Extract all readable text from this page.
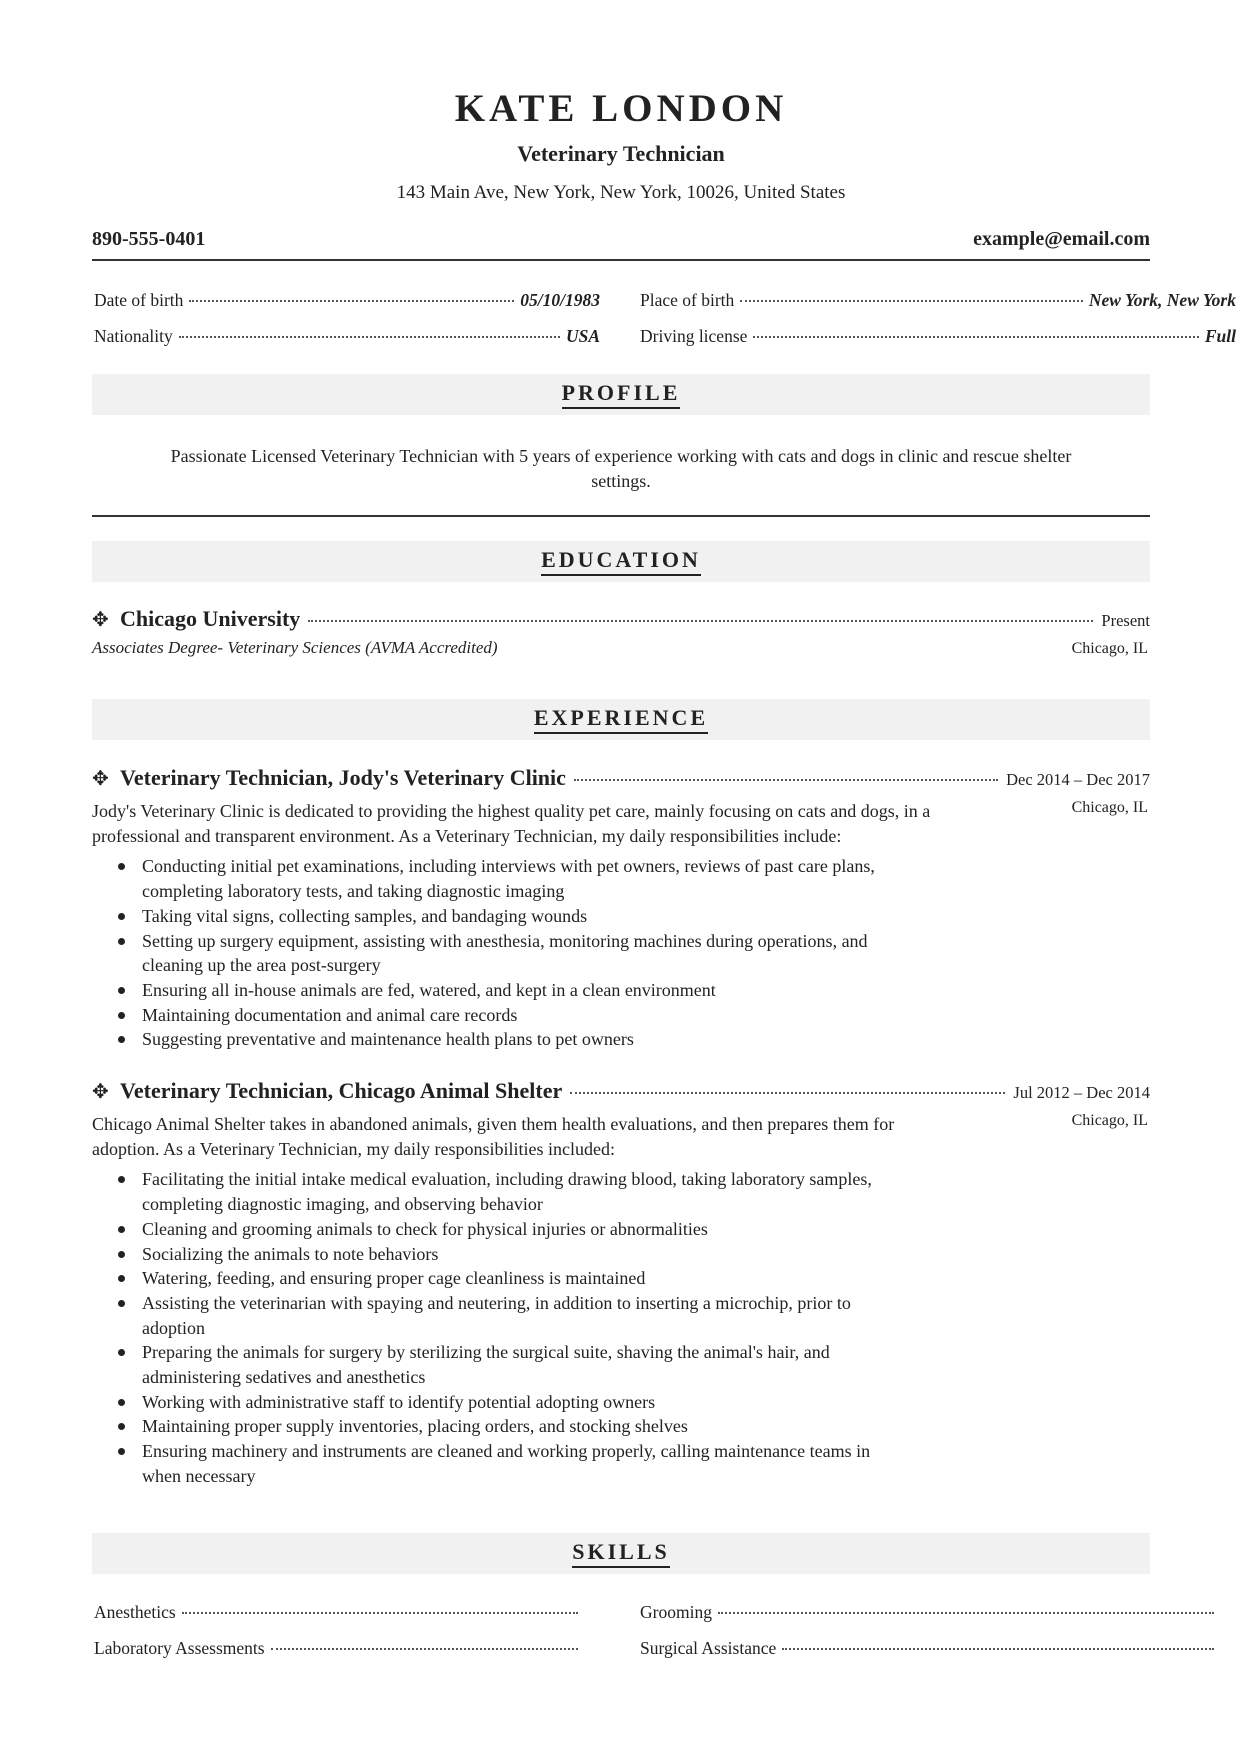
KATE LONDON
Veterinary Technician
143 Main Ave, New York, New York, 10026, United States
890-555-0401	example@email.com
Date of birth	05/10/1983 Place of birth	New York, New York
Nationality	USA Driving license	Full
PROFILE
Passionate Licensed Veterinary Technician with 5 years of experience working with cats and dogs in clinic and rescue shelter settings.
EDUCATION
✥ Chicago University	Present
Chicago, IL
Associates Degree- Veterinary Sciences (AVMA Accredited)
EXPERIENCE
✥ Veterinary Technician, Jody's Veterinary Clinic	Dec 2014 – Dec 2017
Chicago, IL
Jody's Veterinary Clinic is dedicated to providing the highest quality pet care, mainly focusing on cats and dogs, in a professional and transparent environment. As a Veterinary Technician, my daily responsibilities include:
Conducting initial pet examinations, including interviews with pet owners, reviews of past care plans, completing laboratory tests, and taking diagnostic imaging
Taking vital signs, collecting samples, and bandaging wounds
Setting up surgery equipment, assisting with anesthesia, monitoring machines during operations, and cleaning up the area post-surgery
Ensuring all in-house animals are fed, watered, and kept in a clean environment
Maintaining documentation and animal care records
Suggesting preventative and maintenance health plans to pet owners
✥ Veterinary Technician, Chicago Animal Shelter	Jul 2012 – Dec 2014
Chicago, IL
Chicago Animal Shelter takes in abandoned animals, given them health evaluations, and then prepares them for adoption. As a Veterinary Technician, my daily responsibilities included:
Facilitating the initial intake medical evaluation, including drawing blood, taking laboratory samples, completing diagnostic imaging, and observing behavior
Cleaning and grooming animals to check for physical injuries or abnormalities
Socializing the animals to note behaviors
Watering, feeding, and ensuring proper cage cleanliness is maintained
Assisting the veterinarian with spaying and neutering, in addition to inserting a microchip, prior to adoption
Preparing the animals for surgery by sterilizing the surgical suite, shaving the animal's hair, and administering sedatives and anesthetics
Working with administrative staff to identify potential adopting owners
Maintaining proper supply inventories, placing orders, and stocking shelves
Ensuring machinery and instruments are cleaned and working properly, calling maintenance teams in when necessary
SKILLS
Anesthetics	Grooming
Laboratory Assessments	Surgical Assistance
